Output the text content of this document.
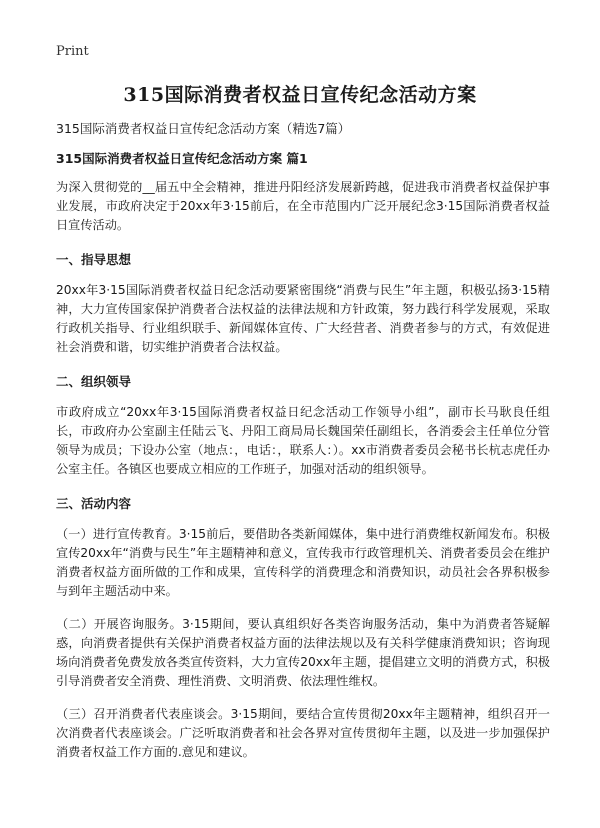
Print
315国际消费者权益日宣传纪念活动方案

315国际消费者权益日宣传纪念活动方案（精选7篇）

315国际消费者权益日宣传纪念活动方案 篇1

为深入贯彻党的__届五中全会精神，推进丹阳经济发展新跨越，促进我市消费者权益保护事业发展，市政府决定于20xx年3·15前后，在全市范围内广泛开展纪念3·15国际消费者权益日宣传活动。

一、指导思想

20xx年3·15国际消费者权益日纪念活动要紧密围绕“消费与民生”年主题，积极弘扬3·15精神，大力宣传国家保护消费者合法权益的法律法规和方针政策，努力践行科学发展观，采取行政机关指导、行业组织联手、新闻媒体宣传、广大经营者、消费者参与的方式，有效促进社会消费和谐，切实维护消费者合法权益。

二、组织领导

市政府成立“20xx年3·15国际消费者权益日纪念活动工作领导小组”，副市长马耿良任组长，市政府办公室副主任陆云飞、丹阳工商局局长魏国荣任副组长，各消委会主任单位分管领导为成员；下设办公室（地点：，电话：，联系人：）。xx市消费者委员会秘书长杭志虎任办公室主任。各镇区也要成立相应的工作班子，加强对活动的组织领导。

三、活动内容

（一）进行宣传教育。3·15前后，要借助各类新闻媒体，集中进行消费维权新闻发布。积极宣传20xx年“消费与民生”年主题精神和意义，宣传我市行政管理机关、消费者委员会在维护消费者权益方面所做的工作和成果，宣传科学的消费理念和消费知识，动员社会各界积极参与到年主题活动中来。

（二）开展咨询服务。3·15期间，要认真组织好各类咨询服务活动，集中为消费者答疑解惑，向消费者提供有关保护消费者权益方面的法律法规以及有关科学健康消费知识；咨询现场向消费者免费发放各类宣传资料，大力宣传20xx年主题，提倡建立文明的消费方式，积极引导消费者安全消费、理性消费、文明消费、依法理性维权。

（三）召开消费者代表座谈会。3·15期间，要结合宣传贯彻20xx年主题精神，组织召开一次消费者代表座谈会。广泛听取消费者和社会各界对宣传贯彻年主题，以及进一步加强保护消费者权益工作方面的.意见和建议。
